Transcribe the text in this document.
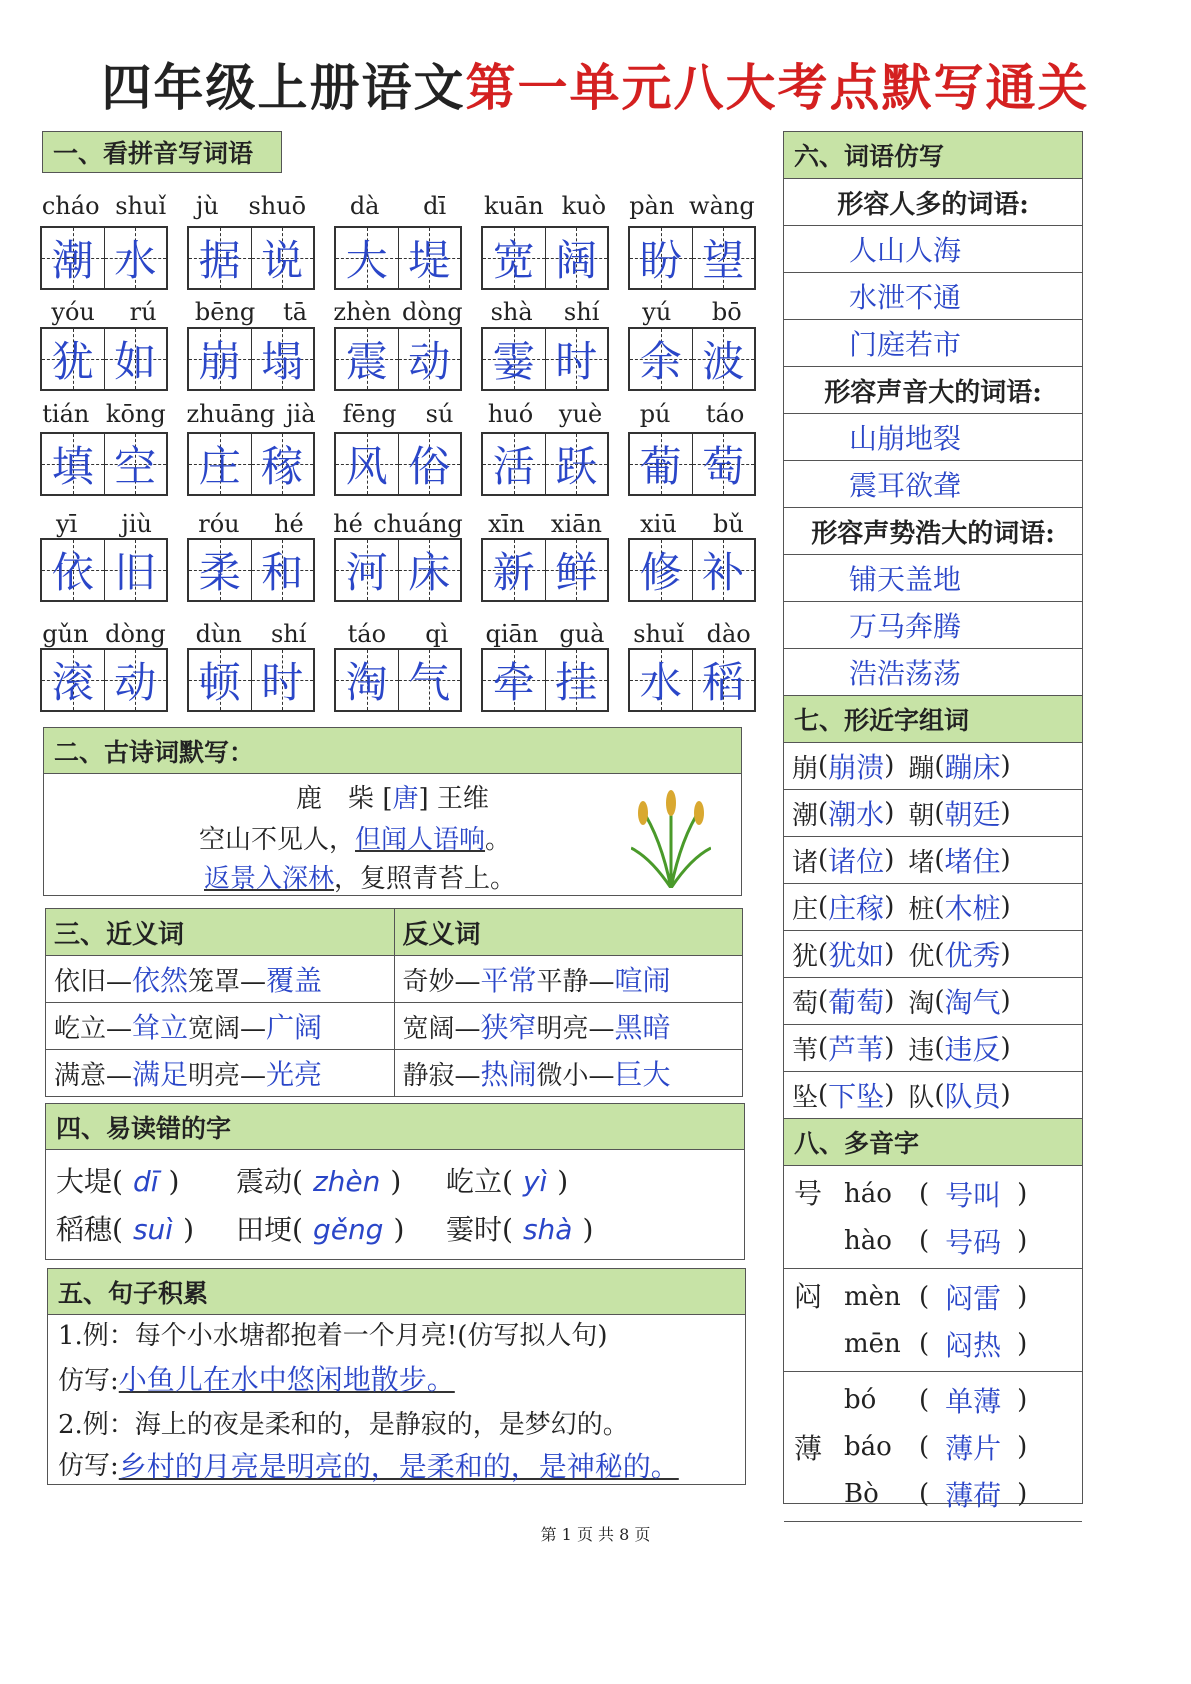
四年级上册语文第一单元八大考点默写通关
一、看拼音写词语
cháo shuǐ
潮 水
jù shuō
据 说
dà dī
大 堤
kuān kuò
宽 阔
pàn wàng
盼 望
yóu rú
犹 如
bēng tā
崩 塌
zhèn dòng
震 动
shà shí
霎 时
yú bō
余 波
tián kōng
填 空
zhuāng jià
庄 稼
fēng sú
风 俗
huó yuè
活 跃
pú táo
葡 萄
yī jiù
依 旧
róu hé
柔 和
hé chuáng
河 床
xīn xiān
新 鲜
xiū bǔ
修 补
gǔn dòng
滚 动
dùn shí
顿 时
táo qì
淘 气
qiān guà
牵 挂
shuǐ dào
水 稻
二、古诗词默写：
鹿　柴 [唐] 王维
空山不见人，但闻人语响。
返景入深林，复照青苔上。
三、近义词	反义词
依旧—依然笼罩—覆盖	奇妙—平常平静—喧闹
屹立—耸立宽阔—广阔	宽阔—狭窄明亮—黑暗
满意—满足明亮—光亮	静寂—热闹微小—巨大
四、易读错的字
大堤( dī )	震动( zhèn )	屹立( yì )
稻穗( suì )	田埂( gěng )	霎时( shà )
五、句子积累
1.例：每个小水塘都抱着一个月亮!(仿写拟人句)
仿写:小鱼儿在水中悠闲地散步。
2.例：海上的夜是柔和的，是静寂的，是梦幻的。
仿写: 乡村的月亮是明亮的，是柔和的，是神秘的。
六、词语仿写
形容人多的词语:
人山人海
水泄不通
门庭若市
形容声音大的词语:
山崩地裂
震耳欲聋
形容声势浩大的词语:
铺天盖地
万马奔腾
浩浩荡荡
七、形近字组词
崩 ( 崩溃 ) 蹦 ( 蹦床 )
潮 ( 潮水 ) 朝 ( 朝廷 )
诸 ( 诸位 ) 堵 ( 堵住 )
庄 ( 庄稼 ) 桩 ( 木桩 )
犹 ( 犹如 ) 优 ( 优秀 )
萄 ( 葡萄 ) 淘 ( 淘气 )
苇 ( 芦苇 ) 违 ( 违反 )
坠 ( 下坠 ) 队 ( 队员 )
八、多音字
号 háo	( 号叫 )
hào	( 号码 )
闷 mèn ( 闷雷 )
mēn ( 闷热 )
薄
bó	( 单薄 )
báo	( 薄片 )
Bò	( 薄荷 )
第 1 页 共 8 页
